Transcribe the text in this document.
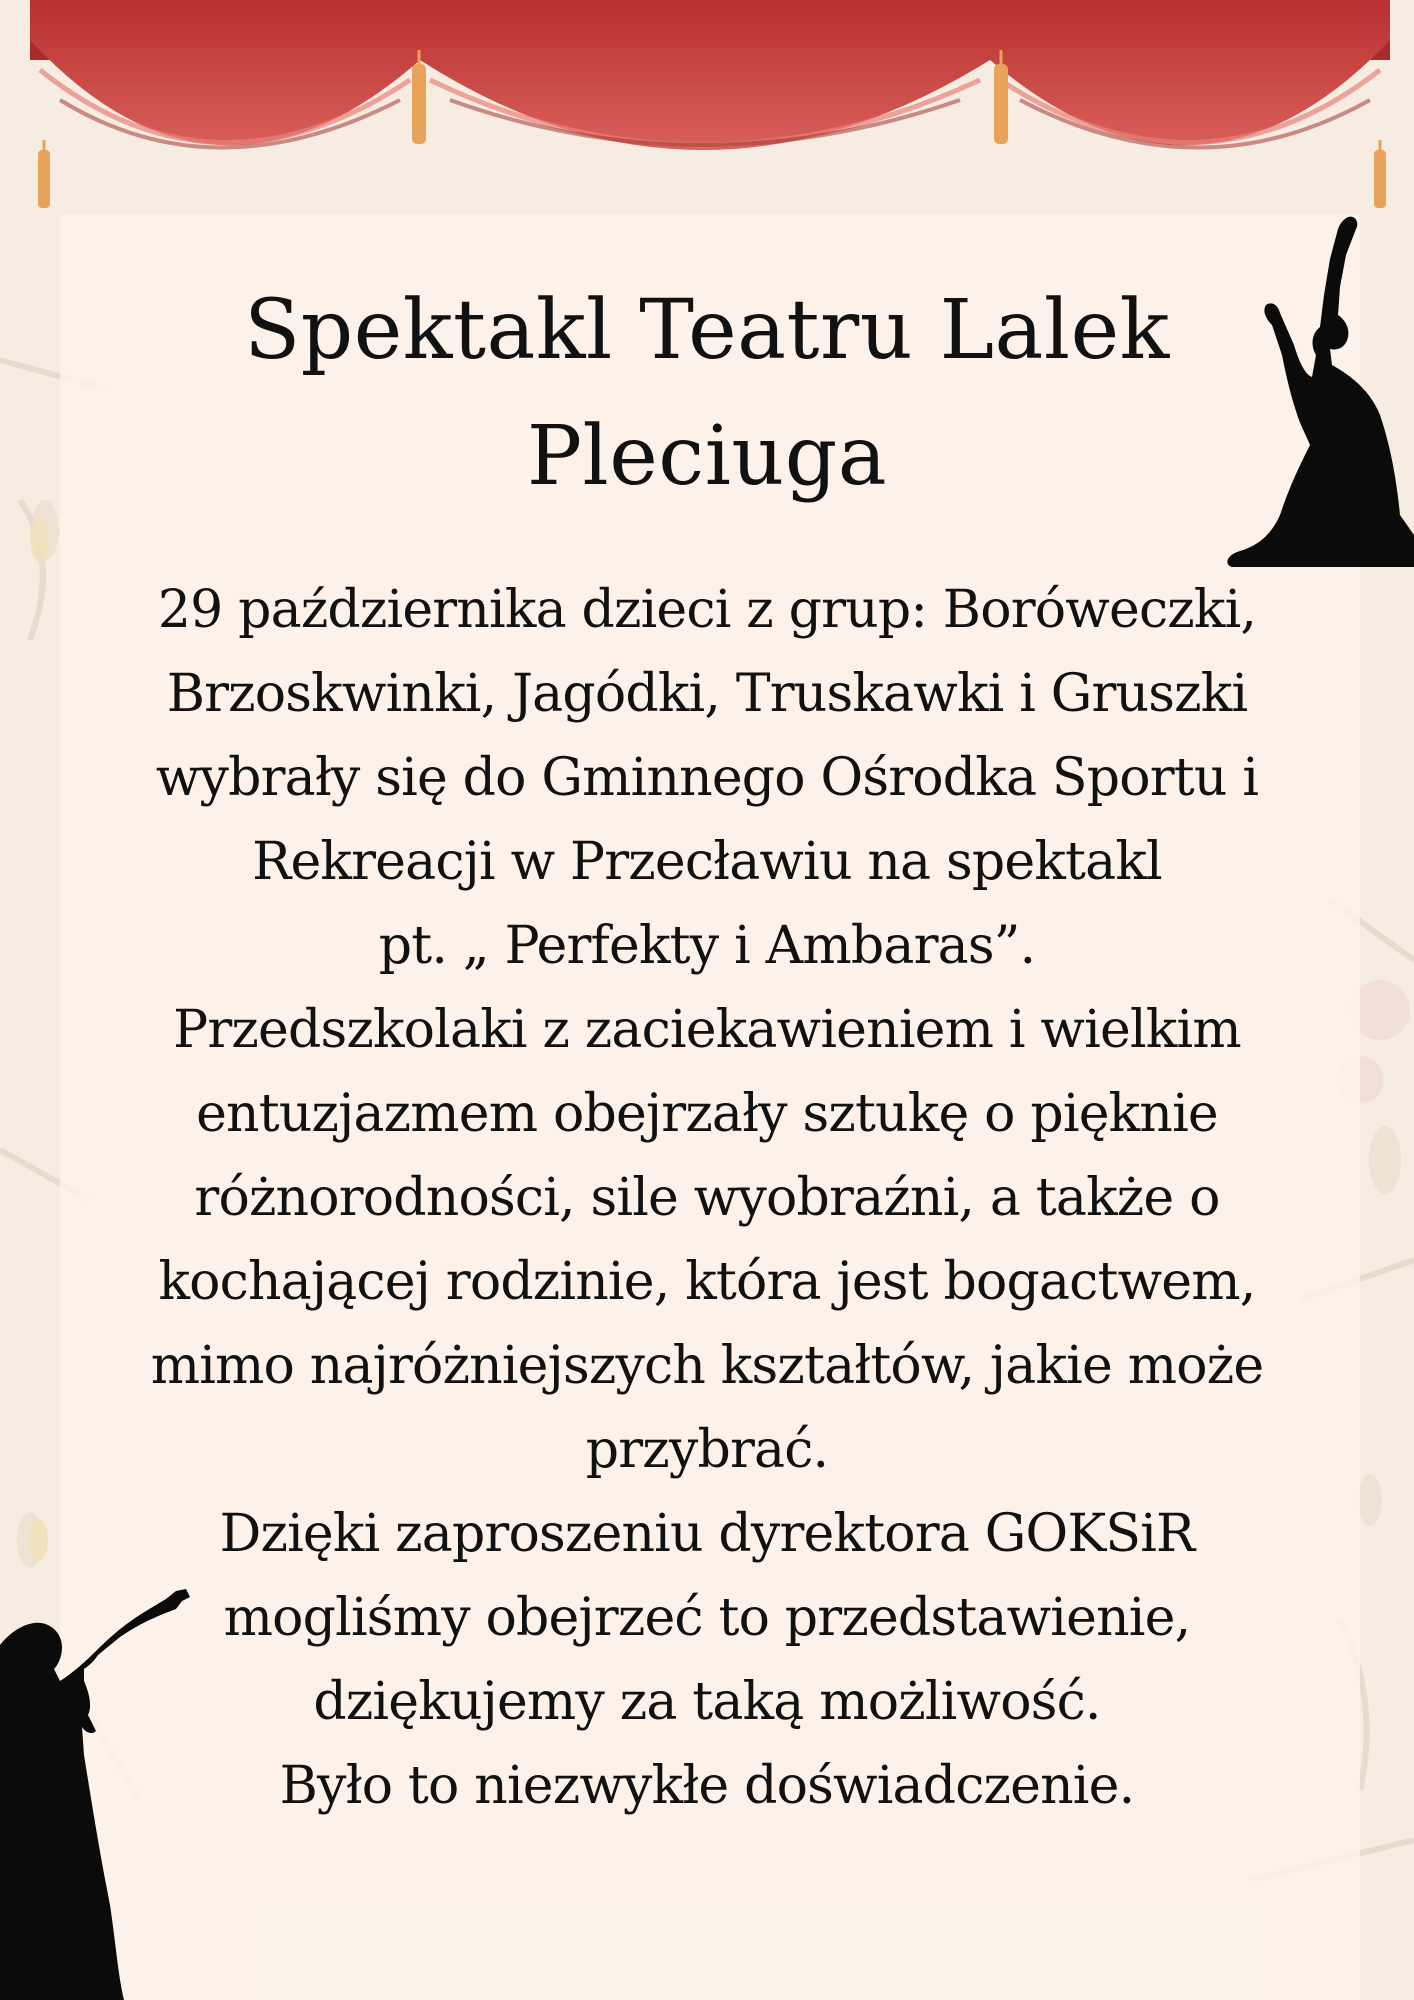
Spektakl Teatru Lalek
Pleciuga
29 października dzieci z grup: Boróweczki,
Brzoskwinki, Jagódki, Truskawki i Gruszki
wybrały się do Gminnego Ośrodka Sportu i
Rekreacji w Przecławiu na spektakl
pt. „ Perfekty i Ambaras”.
Przedszkolaki z zaciekawieniem i wielkim
entuzjazmem obejrzały sztukę o pięknie
różnorodności, sile wyobraźni, a także o
kochającej rodzinie, która jest bogactwem,
mimo najróżniejszych kształtów, jakie może
przybrać.
Dzięki zaproszeniu dyrektora GOKSiR
mogliśmy obejrzeć to przedstawienie,
dziękujemy za taką możliwość.
Było to niezwykłe doświadczenie.
